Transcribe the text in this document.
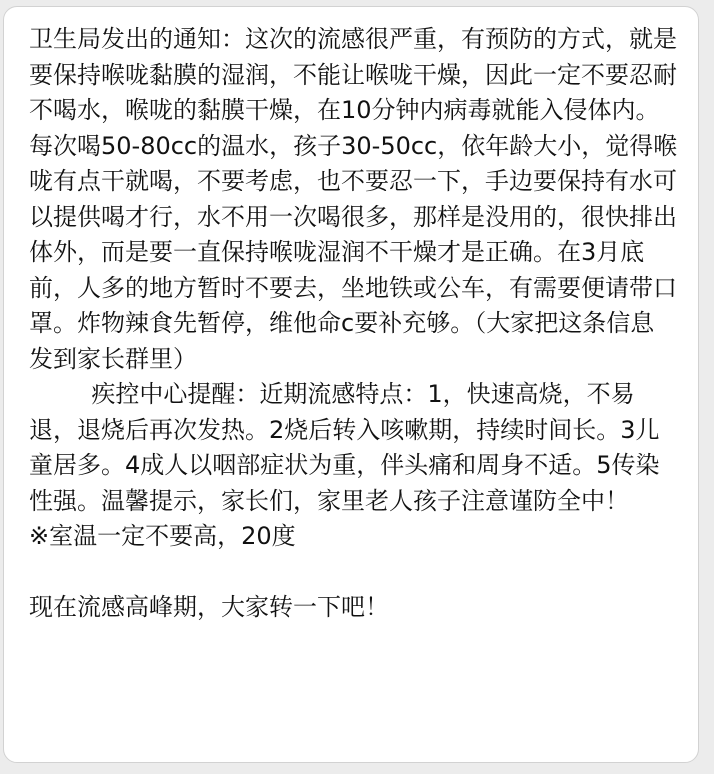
卫生局发出的通知：这次的流感很严重，有预防的方式，就是要保持喉咙黏膜的湿润，不能让喉咙干燥，因此一定不要忍耐不喝水，喉咙的黏膜干燥，在10分钟内病毒就能入侵体内。每次喝50-80cc的温水，孩子30-50cc，依年龄大小，觉得喉咙有点干就喝，不要考虑，也不要忍一下，手边要保持有水可以提供喝才行，水不用一次喝很多，那样是没用的，很快排出体外，而是要一直保持喉咙湿润不干燥才是正确。在3月底前，人多的地方暂时不要去，坐地铁或公车，有需要便请带口罩。炸物辣食先暂停，维他命c要补充够。（大家把这条信息发到家长群里）

疾控中心提醒：近期流感特点：1，快速高烧，不易退，退烧后再次发热。2烧后转入咳嗽期，持续时间长。3儿童居多。4成人以咽部症状为重，伴头痛和周身不适。5传染性强。温馨提示，家长们，家里老人孩子注意谨防全中！

※室温一定不要高，20度

现在流感高峰期，大家转一下吧！
